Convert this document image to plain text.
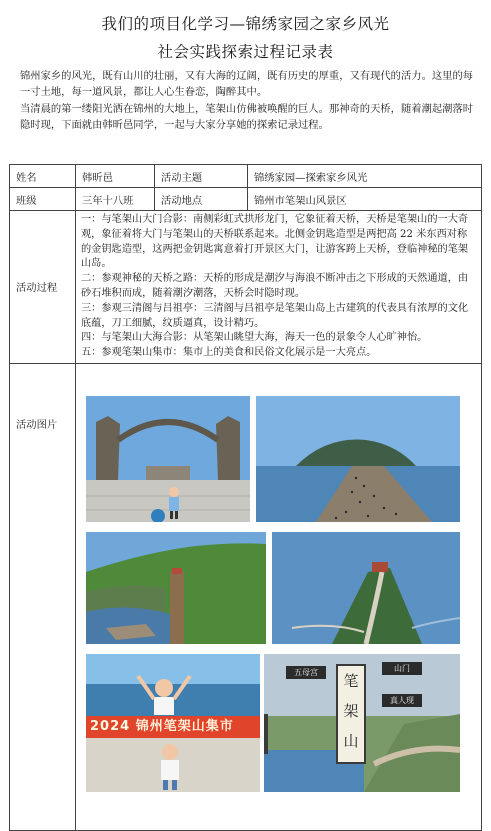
我们的项目化学习—锦绣家园之家乡风光
社会实践探索过程记录表

锦州家乡的风光，既有山川的壮丽，又有大海的辽阔，既有历史的厚重，又有现代的活力。这里的每一寸土地，每一道风景，都让人心生眷恋，陶醉其中。

当清晨的第一缕阳光洒在锦州的大地上，笔架山仿佛被唤醒的巨人。那神奇的天桥，随着潮起潮落时隐时现，下面就由韩昕邑同学，一起与大家分享她的探索记录过程。

姓名	韩昕邑	活动主题	锦绣家园—探索家乡风光
班级	三年十八班	活动地点	锦州市笔架山风景区
活动过程	一：与笔架山大门合影：南侧彩虹式拱形龙门，它象征着天桥，天桥是笔架山的一大奇观，象征着将大门与笔架山的天桥联系起来。北侧金钥匙造型是两把高 22 米东西对称的金钥匙造型，这两把金钥匙寓意着打开景区大门，让游客跨上天桥，登临神秘的笔架山岛。

二：参观神秘的天桥之路：天桥的形成是潮汐与海浪不断冲击之下形成的天然通道，由砂石堆积而成，随着潮汐潮落，天桥会时隐时现。

三：参观三清阁与吕祖亭：三清阁与吕祖亭是笔架山岛上古建筑的代表具有浓厚的文化底蕴，刀工细腻，纹质逼真，设计精巧。

四：与笔架山大海合影：从笔架山眺望大海，海天一色的景象令人心旷神怡。

五：参观笔架山集市：集市上的美食和民俗文化展示是一大亮点。		

活动图片	2024 锦州笔架山集市
笔架山
山门
五母宫
真人现		
